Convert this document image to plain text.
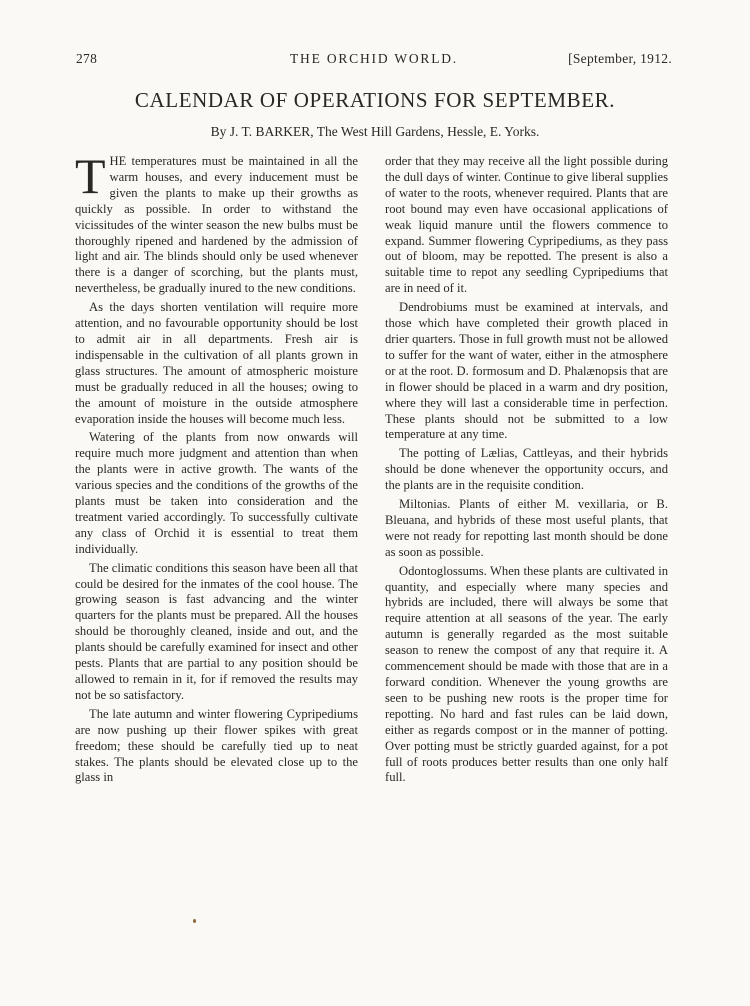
278	THE ORCHID WORLD.	[September, 1912.
CALENDAR OF OPERATIONS FOR SEPTEMBER.
By J. T. BARKER, The West Hill Gardens, Hessle, E. Yorks.

THE temperatures must be maintained in all the warm houses, and every inducement must be given the plants to make up their growths as quickly as possible. In order to withstand the vicissitudes of the winter season the new bulbs must be thoroughly ripened and hardened by the admission of light and air. The blinds should only be used whenever there is a danger of scorching, but the plants must, nevertheless, be gradually inured to the new conditions.

As the days shorten ventilation will require more attention, and no favourable opportunity should be lost to admit air in all departments. Fresh air is indispensable in the cultivation of all plants grown in glass structures. The amount of atmospheric moisture must be gradually reduced in all the houses; owing to the amount of moisture in the outside atmosphere evaporation inside the houses will become much less.

Watering of the plants from now onwards will require much more judgment and attention than when the plants were in active growth. The wants of the various species and the conditions of the growths of the plants must be taken into consideration and the treatment varied accordingly. To successfully cultivate any class of Orchid it is essential to treat them individually.

The climatic conditions this season have been all that could be desired for the inmates of the cool house. The growing season is fast advancing and the winter quarters for the plants must be prepared. All the houses should be thoroughly cleaned, inside and out, and the plants should be carefully examined for insect and other pests. Plants that are partial to any position should be allowed to remain in it, for if removed the results may not be so satisfactory.

The late autumn and winter flowering Cypripediums are now pushing up their flower spikes with great freedom; these should be carefully tied up to neat stakes. The plants should be elevated close up to the glass in

order that they may receive all the light possible during the dull days of winter. Continue to give liberal supplies of water to the roots, whenever required. Plants that are root bound may even have occasional applications of weak liquid manure until the flowers commence to expand. Summer flowering Cypripediums, as they pass out of bloom, may be repotted. The present is also a suitable time to repot any seedling Cypripediums that are in need of it.

Dendrobiums must be examined at intervals, and those which have completed their growth placed in drier quarters. Those in full growth must not be allowed to suffer for the want of water, either in the atmosphere or at the root. D. formosum and D. Phalænopsis that are in flower should be placed in a warm and dry position, where they will last a considerable time in perfection. These plants should not be submitted to a low temperature at any time.

The potting of Lælias, Cattleyas, and their hybrids should be done whenever the opportunity occurs, and the plants are in the requisite condition.

Miltonias. Plants of either M. vexillaria, or B. Bleuana, and hybrids of these most useful plants, that were not ready for repotting last month should be done as soon as possible.

Odontoglossums. When these plants are cultivated in quantity, and especially where many species and hybrids are included, there will always be some that require attention at all seasons of the year. The early autumn is generally regarded as the most suitable season to renew the compost of any that require it. A commencement should be made with those that are in a forward condition. Whenever the young growths are seen to be pushing new roots is the proper time for repotting. No hard and fast rules can be laid down, either as regards compost or in the manner of potting. Over potting must be strictly guarded against, for a pot full of roots produces better results than one only half full.
